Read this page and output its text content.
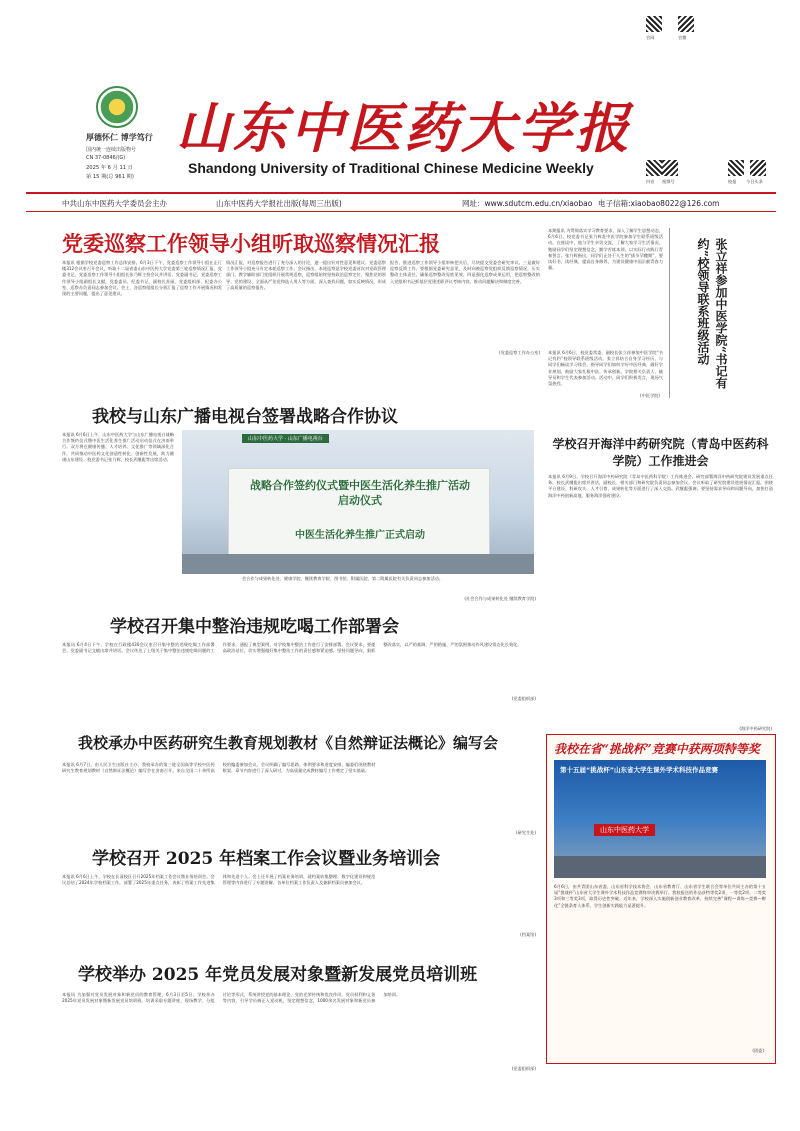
厚德怀仁 博学笃行
国内统一连续出版物号
CN 37-0846/(G)
2025 年 6 月 11 日
第 15 期(总 961 期)
山东中医药大学报
Shandong University of Traditional Chinese Medicine Weekly
官网	官微
抖音 视频号	校报 今日头条
中共山东中医药大学委员会主办	山东中医药大学报社出版(每周三出版)	网址：www.sdutcm.edu.cn/xiaobao 电子信箱:xiaobao8022@126.com
党委巡察工作领导小组听取巡察情况汇报
本报讯 根据学校党委巡察工作总体安排，6月3日下午，党委巡察工作领导小组在正行楼312会议室召开会议，听取十二届省委山东中医药大学党委第三轮巡察情况汇报。党委书记、党委巡察工作领导小组组长张乃辉主持会议并讲话。党委副书记、党委巡察工作领导小组副组长文赋，党委委员、纪委书记、副校长苏丽，党委组织部、纪委办公室、巡察办负责同志参加会议。会上，各巡察组组长分别汇报了巡察工作开展情况和发现的主要问题，提出了意见建议。
情况汇报，对巡察报告进行了充分深入的讨论，逐一提出针对性意见和建议。党委巡察工作领导小组充分肯定本轮巡察工作。会议指出，本轮巡察是学校党委首次对党政管理部门、教学辅助部门党组织开展常规巡察，巡察组始终坚持政治巡察定位，聚焦党的领导、党的建设、全面从严治党和选人用人等方面，深入查找问题，如实反映情况，形成了高质量的巡察报告。
报告，推进巡察工作领导小组审核把关后，尽快提交党委会研究审议。三是做好巡察反馈工作。要根据党委研究意见，及时向被巡察党组织反馈巡察情况，压实整改主体责任，确保巡察整改见底见效。四是强化巡察成果运用，把巡察整改纳入党组织书记抓基层党建述职评议考核内容，推动问题解决和制度完善。
(党委巡察工作办公室)
本期报讯 为贯彻落实学习教育要求，深入了解学生思想动态，6月6日，校党委书记张乃辉赴中医学院参加学生联系班级活动。在座谈中，他与学生亲切交流，了解大家学习生活情况，勉励同学们坚定理想信念，勤学苦练本领，以实际行动践行青春誓言。张乃辉指出，同学们正处于人生的“拔节孕穗期”，要读好书、读经典、提高自身修养，为建设健康中国贡献青春力量。	张立祥参加中医学院“书记有约”校领导联系班级活动
本报讯 6月6日，校党委常委、副校长张立祥参加中医学院“书记有约”校领导联系班级活动。张立祥结合自身学习经历，与同学们畅谈学习体会，指导同学们如何学好中医经典、做好学业规划，鼓励大家扎根中医、传承创新。学院相关负责人、辅导员和学生代表参加活动。活动中，同学们积极发言，现场气氛热烈。
(中医学院)
我校与山东广播电视台签署战略合作协议
本报讯 6月6日上午，山东中医药大学与山东广播电视台战略合作签约仪式暨中医生活化养生推广活动启动仪式在济南举行。双方将在健康传播、人才培养、文化推广等领域深化合作，共同推动中医药文化创造性转化、创新性发展，助力健康山东建设。校党委书记张乃辉、校长武继彪等出席活动。
山东中医药大学 · 山东广播电视台
战略合作签约仪式暨中医生活化养生推广活动启动仪式
中医生活化养生推广正式启动
会合作与成果转化处、健康学院、继续教育学院、图书馆、附属医院、第二附属医院有关负责同志参加活动。
(社会合作与成果转化处 继续教育学院)
学校召开海洋中药研究院（青岛中医药科学院）工作推进会
本报讯 6月9日，学校召开海洋中药研究院（青岛中医药科学院）工作推进会。研究部署海洋中药研究院建设发展重点任务。校长武继彪出席并讲话，副校长、相关部门和研究院负责同志参加会议。会议听取了研究院建设进展情况汇报，围绕平台建设、科研攻关、人才引育、成果转化等方面进行了深入交流。武继彪强调，要坚持需求导向和问题导向，加快打造海洋中药创新高地，服务海洋强省建设。
(海洋中药研究院)
学校召开集中整治违规吃喝工作部署会
本报讯 6月4日下午，学校在行政楼430会议室召开集中整治违规吃喝工作部署会。党委副书记文赋出席并讲话。会议传达了上级关于集中整治违规吃喝问题的工作要求，通报了典型案例，对学校集中整治工作进行了安排部署。会议要求，要提高政治站位，切实增强做好集中整治工作的责任感和紧迫感，坚持问题导向，狠抓整改落实，以严的基调、严的措施、严的氛围推动作风建设常态化长效化。
(党委组织部)
我校承办中医药研究生教育规划教材《自然辩证法概论》编写会
本报讯 6月7日，由人民卫生出版社主办、我校承办的第三轮全国高等学校中医药研究生教育规划教材《自然辩证法概论》编写会在济南召开。来自全国二十余所高校的编委参加会议。会议明确了编写思路、体例要求和进度安排，编委们围绕教材框架、章节内容进行了深入研讨，为高质量完成教材编写工作奠定了坚实基础。
(研究生处)
学校召开 2025 年档案工作会议暨业务培训会
本报讯 6月6日上午，学校在长清校区召开2025年档案工作会议暨业务培训会。会议总结了2024年学校档案工作，部署了2025年重点任务，表彰了档案工作先进集体和先进个人。会上还开展了档案业务培训，就档案收集整理、数字化建设和规范管理等内容进行了专题讲解。各单位档案工作负责人及兼职档案员参加会议。
(档案馆)
学校举办 2025 年党员发展对象暨新发展党员培训班
本报讯 为加强对党员发展对象和新党员的教育管理，6月3日至5日，学校举办2025年党员发展对象暨新发展党员培训班。培训采取专题讲座、现场教学、分组讨论等形式，系统讲授党的基本理论、党的光荣传统和优良作风、党员权利和义务等内容，引导学员端正入党动机，坚定理想信念，1000余名发展对象和新党员参加培训。
(党委组织部)
我校在省“挑战杯”竞赛中获两项特等奖
第十五届“挑战杯”山东省大学生课外学术科技作品竞赛
山东中医药大学
6月6日，由共青团山东省委、山东省科学技术协会、山东省教育厅、山东省学生联合会等单位共同主办的第十五届“挑战杯”山东省大学生课外学术科技作品竞赛终审决赛举行。我校报送的作品获特等奖2项、一等奖2项、二等奖3项和三等奖3项，取得历史性突破。近年来，学校深入实施创新创业教育改革，持续完善“课程—训练—竞赛—孵化”全链条育人体系，学生创新实践能力显著提升。
(团委)
